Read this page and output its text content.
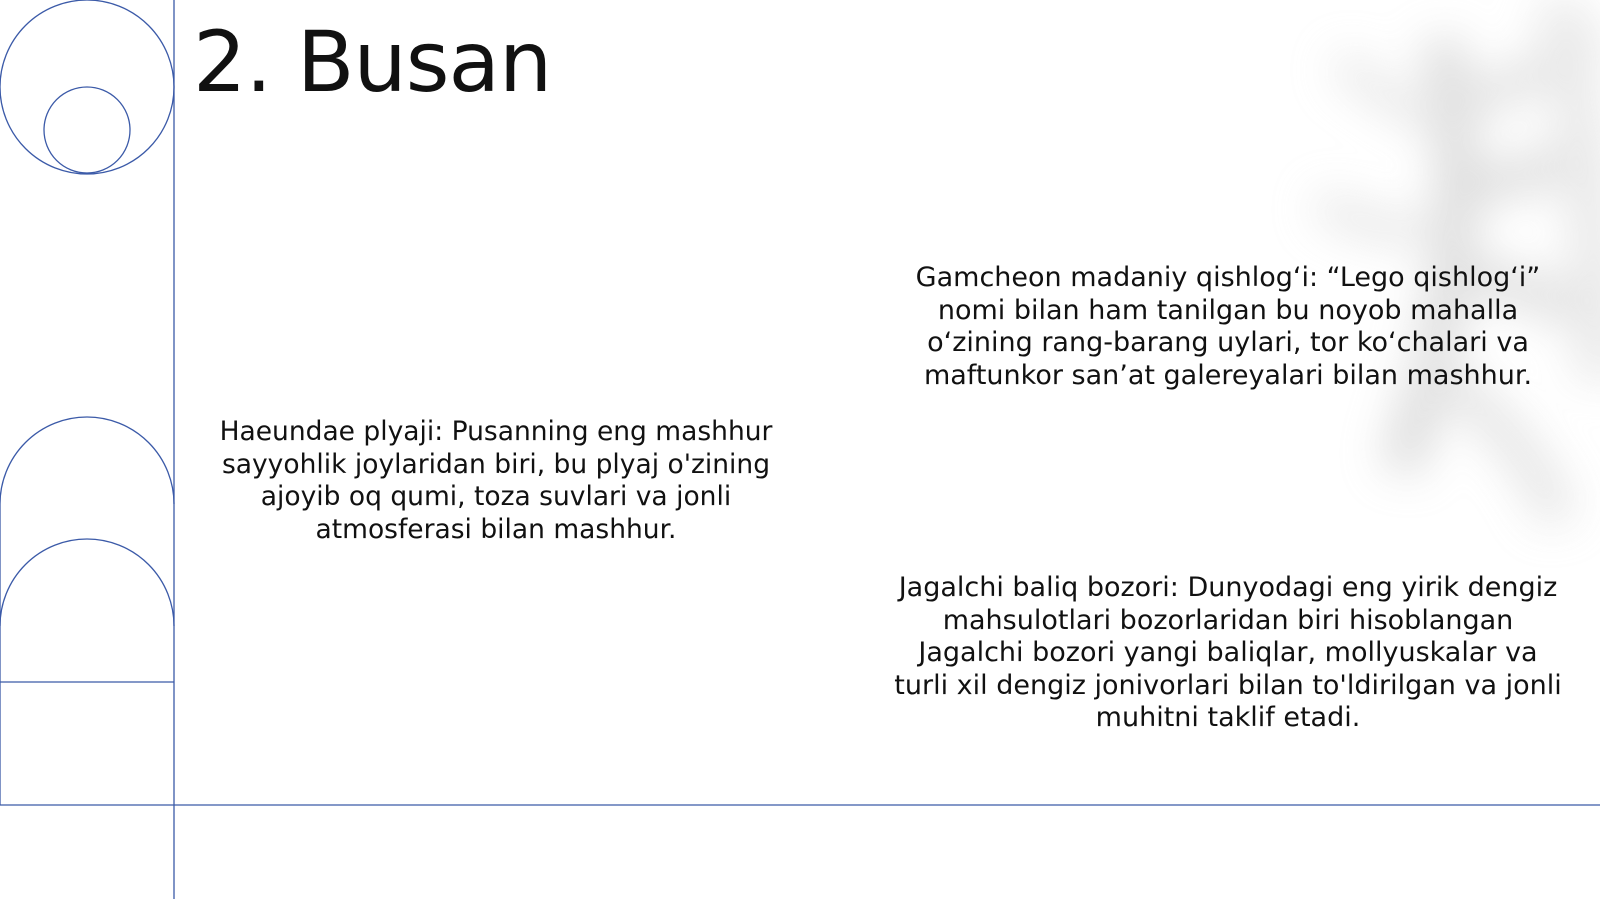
2. Busan

Haeundae plyaji: Pusanning eng mashhur sayyohlik joylaridan biri, bu plyaj o'zining ajoyib oq qumi, toza suvlari va jonli atmosferasi bilan mashhur.

Gamcheon madaniy qishlog‘i: “Lego qishlog‘i” nomi bilan ham tanilgan bu noyob mahalla o‘zining rang-barang uylari, tor ko‘chalari va maftunkor san’at galereyalari bilan mashhur.

Jagalchi baliq bozori: Dunyodagi eng yirik dengiz mahsulotlari bozorlaridan biri hisoblangan Jagalchi bozori yangi baliqlar, mollyuskalar va turli xil dengiz jonivorlari bilan to'ldirilgan va jonli muhitni taklif etadi.
